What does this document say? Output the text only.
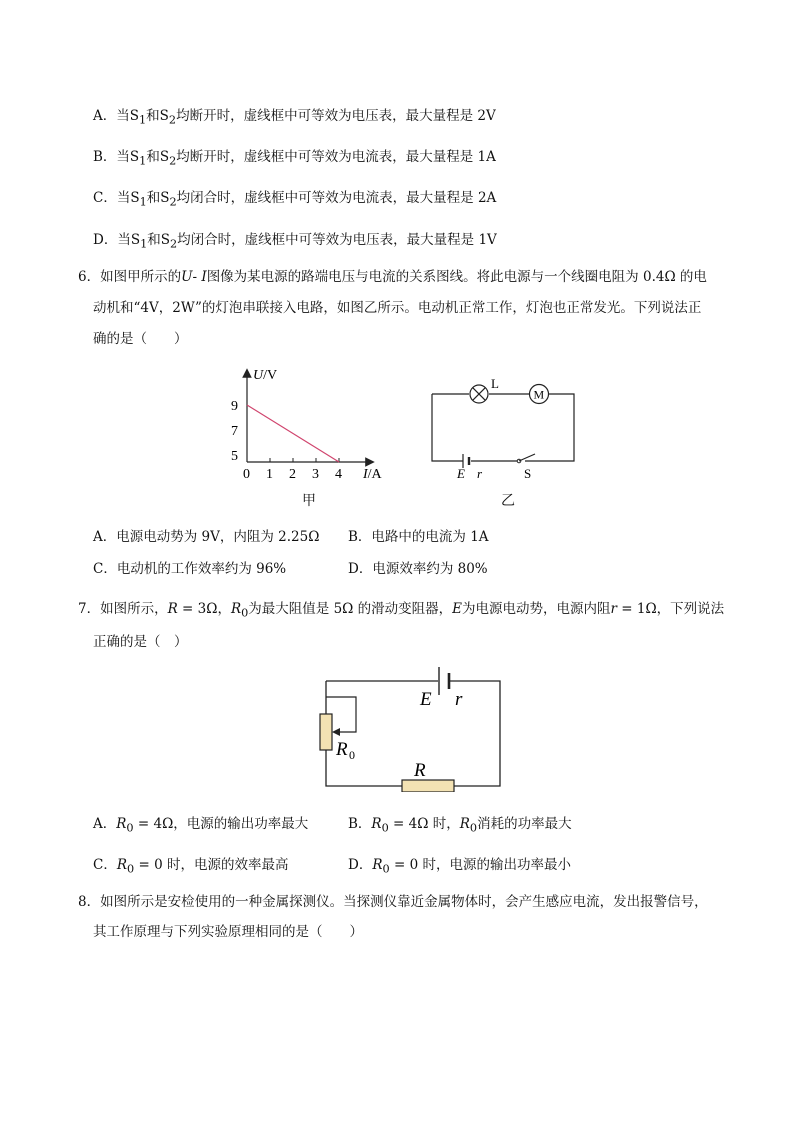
A．当$S_1$和$S_2$均断开时，虚线框中可等效为电压表，最大量程是 2V
B．当$S_1$和$S_2$均断开时，虚线框中可等效为电流表，最大量程是 1A
C．当$S_1$和$S_2$均闭合时，虚线框中可等效为电流表，最大量程是 2A
D．当$S_1$和$S_2$均闭合时，虚线框中可等效为电压表，最大量程是 1V
6．如图甲所示的U- I图像为某电源的路端电压与电流的关系图线。将此电源与一个线圈电阻为 0.4Ω 的电
动机和“4V，2W”的灯泡串联接入电路，如图乙所示。电动机正常工作，灯泡也正常发光。下列说法正
确的是（　　）
0 1 2 3 4
9
7
5
U/V
I/A
甲
L
M
E r	S
乙
A．电源电动势为 9V，内阻为 2.25Ω B．电路中的电流为 1A
C．电动机的工作效率约为 96%	D．电源效率约为 80%
7．如图所示，R = 3Ω，$R_0$为最大阻值是 5Ω 的滑动变阻器，E为电源电动势，电源内阻r = 1Ω，下列说法
正确的是（　）
E r
R 0
R
A．$R_0 = 4\Omega$，电源的输出功率最大	B．$R_0 = 4\Omega$ 时，$R_0$消耗的功率最大
C．$R_0 = 0$ 时，电源的效率最高	D．$R_0 = 0$ 时，电源的输出功率最小
8．如图所示是安检使用的一种金属探测仪。当探测仪靠近金属物体时，会产生感应电流，发出报警信号，
其工作原理与下列实验原理相同的是（　　）
